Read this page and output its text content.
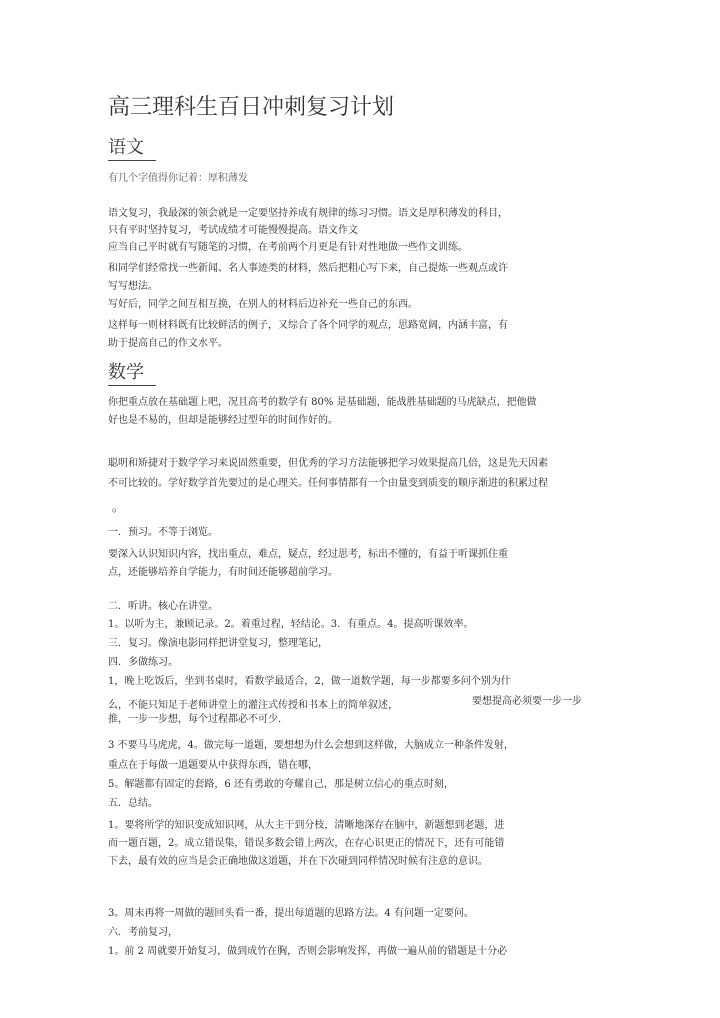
高三理科生百日冲刺复习计划
语文
有几个字值得你记着：厚积薄发
语文复习，我最深的领会就是一定要坚持养成有规律的练习习惯。语文是厚积薄发的科目，
只有平时坚持复习，考试成绩才可能慢慢提高。语文作文
应当自己平时就有写随笔的习惯，在考前两个月更是有针对性地做一些作文训练。
和同学们经常找一些新闻、名人事迹类的材料，然后把粗心写下来，自己提炼一些观点或许
写写想法。
写好后，同学之间互相互换，在别人的材料后边补充一些自己的东西。
这样每一则材料既有比较鲜活的例子，又综合了各个同学的观点，思路宽阔，内涵丰富，有
助于提高自己的作文水平。
数学
你把重点放在基础题上吧，况且高考的数学有 80% 是基础题，能战胜基础题的马虎缺点，把他做
好也是不易的，但却是能够经过型年的时间作好的。
聪明和矫捷对于数学学习来说固然重要，但优秀的学习方法能够把学习效果提高几倍，这是先天因素
不可比较的。学好数学首先要过的是心理关。任何事情都有一个由量变到质变的顺序渐进的积累过程
。
一．预习。不等于浏览。
要深入认识知识内容，找出重点，难点，疑点，经过思考，标出不懂的，有益于听课抓住重
点，还能够培养自学能力，有时间还能够超前学习。
二．听讲。核心在讲堂。
1。以听为主，兼顾记录。2。着重过程，轻结论。3．有重点。4。提高听课效率。
三．复习。像演电影同样把讲堂复习，整理笔记，
四．多做练习。
1，晚上吃饭后，坐到书桌时，看数学最适合，2，做一道数学题，每一步都要多问个别为什
么，不能只知足于老师讲堂上的灌注式传授和书本上的简单叙述，	要想提高必须要一步一步
推，一步一步想，每个过程都必不可少.
3 不要马马虎虎，4。做完每一道题，要想想为什么会想到这样做，大脑成立一种条件发射，
重点在于每做一道题要从中获得东西，错在哪，
5。解题都有固定的套路，6 还有勇敢的夸耀自己，那是树立信心的重点时刻，
五．总结。
1。要将所学的知识变成知识网，从大主干到分枝，清晰地深存在脑中，新题想到老题，进
而一题百题，2。成立错误集，错误多数会错上两次，在存心识更正的情况下，还有可能错
下去，最有效的应当是会正确地做这道题，并在下次碰到同样情况时候有注意的意识。
3。周末再将一周做的题回头看一番，提出每道题的思路方法。4 有问题一定要问。
六．考前复习，
1。前 2 周就要开始复习，做到成竹在胸，否则会影响发挥，再做一遍从前的错题是十分必
